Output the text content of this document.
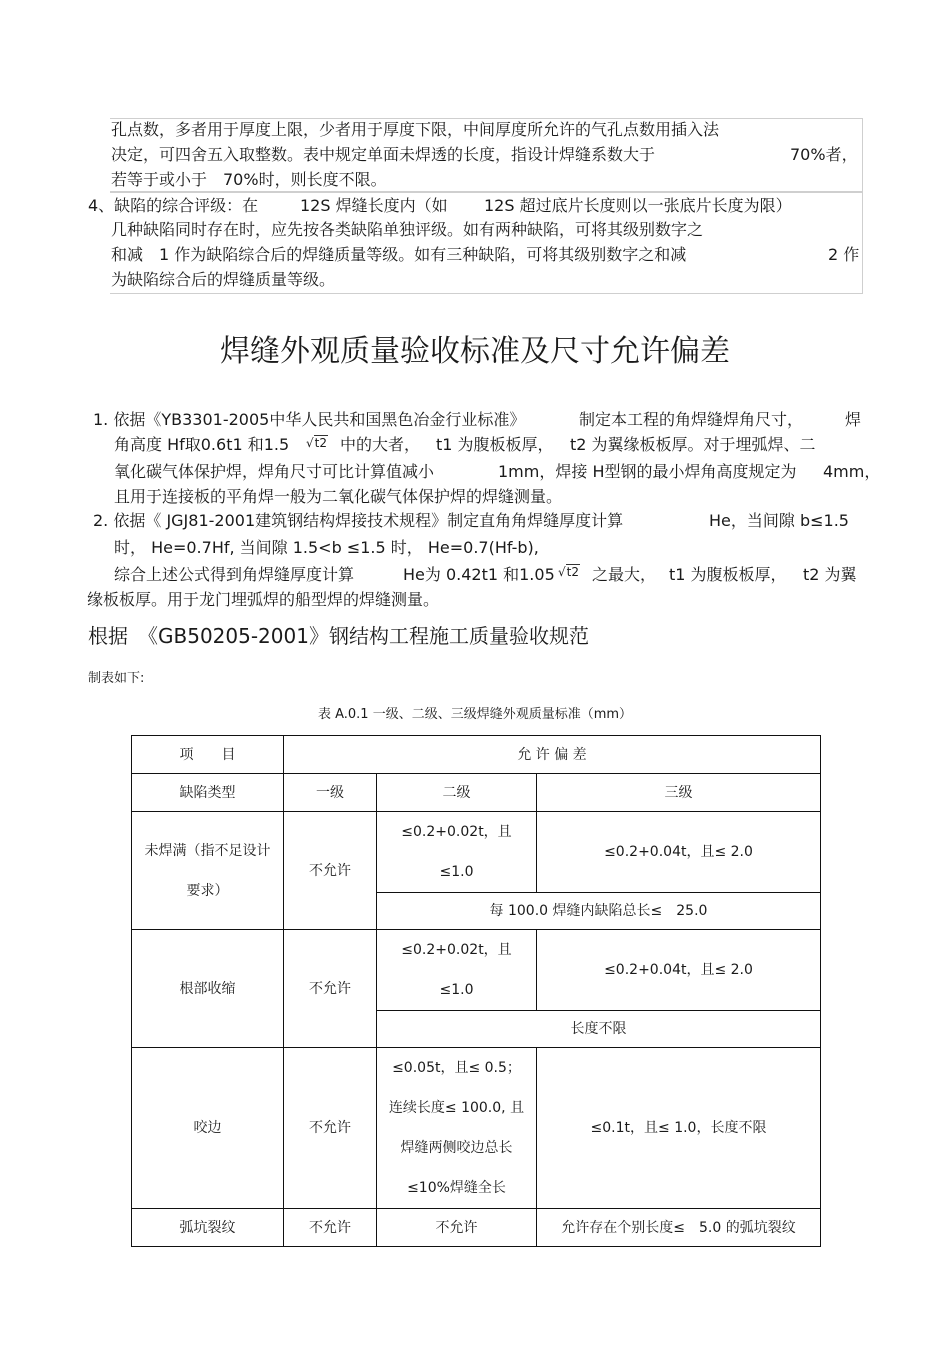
孔点数，多者用于厚度上限，少者用于厚度下限，中间厚度所允许的气孔点数用插入法
决定，可四舍五入取整数。表中规定单面未焊透的长度，指设计焊缝系数大于	70%者，
若等于或小于　70%时，则长度不限。
4、缺陷的综合评级：在	12S 焊缝长度内（如 12S 超过底片长度则以一张底片长度为限）
几种缺陷同时存在时，应先按各类缺陷单独评级。如有两种缺陷，可将其级别数字之
和减　1 作为缺陷综合后的焊缝质量等级。如有三种缺陷，可将其级别数字之和减	2 作
为缺陷综合后的焊缝质量等级。
焊缝外观质量验收标准及尺寸允许偏差
1. 依据《YB3301-2005中华人民共和国黑色冶金行业标准》	制定本工程的角焊缝焊角尺寸，	焊
角高度 Hf取0.6t1 和1.5 $^{√t2}$ 中的大者， t1 为腹板板厚， t2 为翼缘板板厚。对于埋弧焊、二
氧化碳气体保护焊，焊角尺寸可比计算值减小	1mm，焊接 H型钢的最小焊角高度规定为 4mm，
且用于连接板的平角焊一般为二氧化碳气体保护焊的焊缝测量。
2. 依据《 JGJ81-2001建筑钢结构焊接技术规程》制定直角角焊缝厚度计算	He，当间隙 b≤1.5
时， He=0.7Hf, 当间隙 1.5<b ≤1.5 时， He=0.7(Hf-b),
综合上述公式得到角焊缝厚度计算	He为 0.42t1 和1.05 $^{√t2}$ 之最大， t1 为腹板板厚， t2 为翼
缘板板厚。用于龙门埋弧焊的船型焊的焊缝测量。
根据　《GB50205-2001》钢结构工程施工质量验收规范
制表如下:
表 A.0.1 一级、二级、三级焊缝外观质量标准（mm）
项　　目	允 许 偏 差		
缺陷类型	一级	二级	三级
未焊满（指不足设计要求）	不允许	≤0.2+0.02t，且≤1.0	≤0.2+0.04t，且≤ 2.0
		每 100.0 焊缝内缺陷总长≤　25.0	
根部收缩	不允许	≤0.2+0.02t，且≤1.0	≤0.2+0.04t，且≤ 2.0
		长度不限	
咬边	不允许	≤0.05t，且≤ 0.5；连续长度≤ 100.0, 且焊缝两侧咬边总长≤10%焊缝全长	≤0.1t，且≤ 1.0，长度不限
弧坑裂纹	不允许	不允许	允许存在个别长度≤　5.0 的弧坑裂纹
